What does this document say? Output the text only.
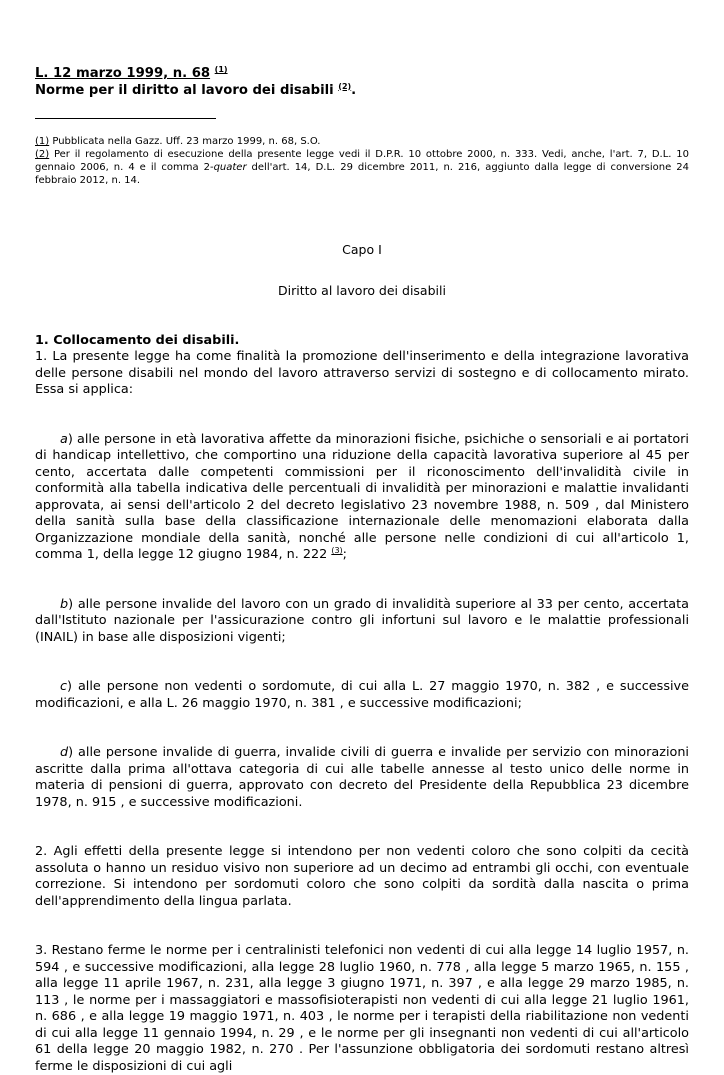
L. 12 marzo 1999, n. 68 $^{(1)}$
Norme per il diritto al lavoro dei disabili $^{(2)}$.
(1) Pubblicata nella Gazz. Uff. 23 marzo 1999, n. 68, S.O.
(2) Per il regolamento di esecuzione della presente legge vedi il D.P.R. 10 ottobre 2000, n. 333. Vedi, anche, l'art. 7, D.L. 10 gennaio 2006, n. 4 e il comma 2-quater dell'art. 14, D.L. 29 dicembre 2011, n. 216, aggiunto dalla legge di conversione 24 febbraio 2012, n. 14.
Capo I
Diritto al lavoro dei disabili
1. Collocamento dei disabili.

1. La presente legge ha come finalità la promozione dell'inserimento e della integrazione lavorativa delle persone disabili nel mondo del lavoro attraverso servizi di sostegno e di collocamento mirato. Essa si applica:

a) alle persone in età lavorativa affette da minorazioni fisiche, psichiche o sensoriali e ai portatori di handicap intellettivo, che comportino una riduzione della capacità lavorativa superiore al 45 per cento, accertata dalle competenti commissioni per il riconoscimento dell'invalidità civile in conformità alla tabella indicativa delle percentuali di invalidità per minorazioni e malattie invalidanti approvata, ai sensi dell'articolo 2 del decreto legislativo 23 novembre 1988, n. 509 , dal Ministero della sanità sulla base della classificazione internazionale delle menomazioni elaborata dalla Organizzazione mondiale della sanità, nonché alle persone nelle condizioni di cui all'articolo 1, comma 1, della legge 12 giugno 1984, n. 222 $^{(3)}$;

b) alle persone invalide del lavoro con un grado di invalidità superiore al 33 per cento, accertata dall'Istituto nazionale per l'assicurazione contro gli infortuni sul lavoro e le malattie professionali (INAIL) in base alle disposizioni vigenti;

c) alle persone non vedenti o sordomute, di cui alla L. 27 maggio 1970, n. 382 , e successive modificazioni, e alla L. 26 maggio 1970, n. 381 , e successive modificazioni;

d) alle persone invalide di guerra, invalide civili di guerra e invalide per servizio con minorazioni ascritte dalla prima all'ottava categoria di cui alle tabelle annesse al testo unico delle norme in materia di pensioni di guerra, approvato con decreto del Presidente della Repubblica 23 dicembre 1978, n. 915 , e successive modificazioni.

2. Agli effetti della presente legge si intendono per non vedenti coloro che sono colpiti da cecità assoluta o hanno un residuo visivo non superiore ad un decimo ad entrambi gli occhi, con eventuale correzione. Si intendono per sordomuti coloro che sono colpiti da sordità dalla nascita o prima dell'apprendimento della lingua parlata.

3. Restano ferme le norme per i centralinisti telefonici non vedenti di cui alla legge 14 luglio 1957, n. 594 , e successive modificazioni, alla legge 28 luglio 1960, n. 778 , alla legge 5 marzo 1965, n. 155 , alla legge 11 aprile 1967, n. 231, alla legge 3 giugno 1971, n. 397 , e alla legge 29 marzo 1985, n. 113 , le norme per i massaggiatori e massofisioterapisti non vedenti di cui alla legge 21 luglio 1961, n. 686 , e alla legge 19 maggio 1971, n. 403 , le norme per i terapisti della riabilitazione non vedenti di cui alla legge 11 gennaio 1994, n. 29 , e le norme per gli insegnanti non vedenti di cui all'articolo 61 della legge 20 maggio 1982, n. 270 . Per l'assunzione obbligatoria dei sordomuti restano altresì ferme le disposizioni di cui agli
